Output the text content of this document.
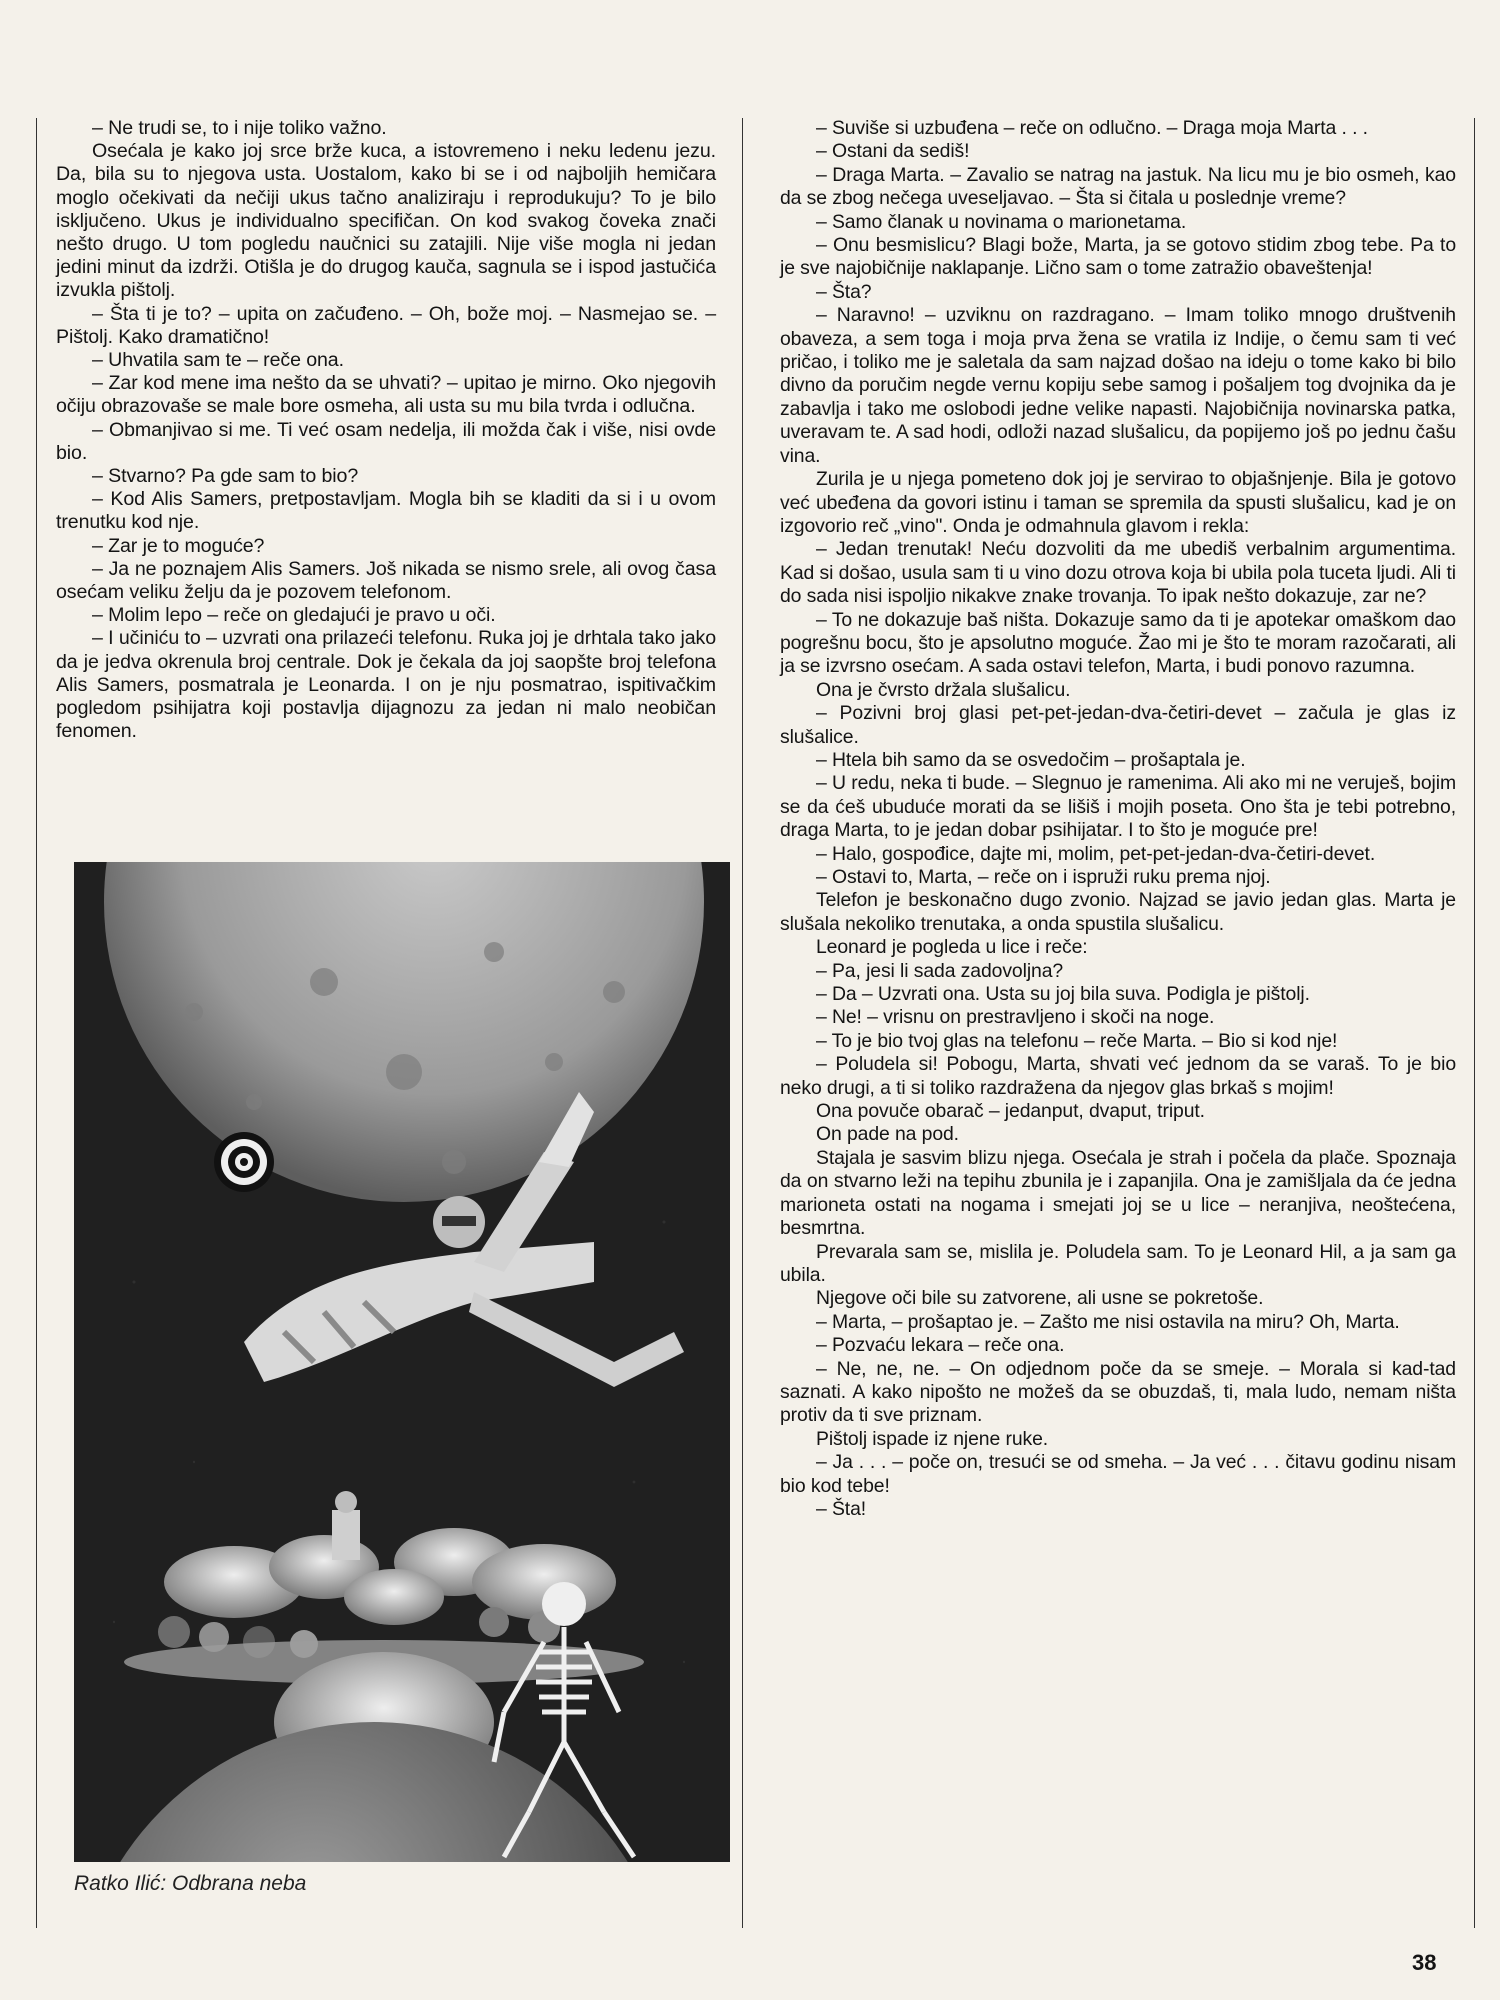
– Ne trudi se, to i nije toliko važno.

Osećala je kako joj srce brže kuca, a istovremeno i neku ledenu jezu. Da, bila su to njegova usta. Uostalom, kako bi se i od najboljih hemičara moglo očekivati da nečiji ukus tačno analiziraju i reprodukuju? To je bilo isključeno. Ukus je individualno specifičan. On kod svakog čoveka znači nešto drugo. U tom pogledu naučnici su zatajili. Nije više mogla ni jedan jedini minut da izdrži. Otišla je do drugog kauča, sagnula se i ispod jastučića izvukla pištolj.

– Šta ti je to? – upita on začuđeno. – Oh, bože moj. – Nasmejao se. – Pištolj. Kako dramatično!

– Uhvatila sam te – reče ona.

– Zar kod mene ima nešto da se uhvati? – upitao je mirno. Oko njegovih očiju obrazovaše se male bore osmeha, ali usta su mu bila tvrda i odlučna.

– Obmanjivao si me. Ti već osam nedelja, ili možda čak i više, nisi ovde bio.

– Stvarno? Pa gde sam to bio?

– Kod Alis Samers, pretpostavljam. Mogla bih se kladiti da si i u ovom trenutku kod nje.

– Zar je to moguće?

– Ja ne poznajem Alis Samers. Još nikada se nismo srele, ali ovog časa osećam veliku želju da je pozovem telefonom.

– Molim lepo – reče on gledajući je pravo u oči.

– I učiniću to – uzvrati ona prilazeći telefonu. Ruka joj je drhtala tako jako da je jedva okrenula broj centrale. Dok je čekala da joj saopšte broj telefona Alis Samers, posmatrala je Leonarda. I on je nju posmatrao, ispitivačkim pogledom psihijatra koji postavlja dijagnozu za jedan ni malo neobičan fenomen.

Ratko Ilić: Odbrana neba

– Suviše si uzbuđena – reče on odlučno. – Draga moja Marta . . .

– Ostani da sediš!

– Draga Marta. – Zavalio se natrag na jastuk. Na licu mu je bio osmeh, kao da se zbog nečega uveseljavao. – Šta si čitala u poslednje vreme?

– Samo članak u novinama o marionetama.

– Onu besmislicu? Blagi bože, Marta, ja se gotovo stidim zbog tebe. Pa to je sve najobičnije naklapanje. Lično sam o tome zatražio obaveštenja!

– Šta?

– Naravno! – uzviknu on razdragano. – Imam toliko mnogo društvenih obaveza, a sem toga i moja prva žena se vratila iz Indije, o čemu sam ti već pričao, i toliko me je saletala da sam najzad došao na ideju o tome kako bi bilo divno da poručim negde vernu kopiju sebe samog i pošaljem tog dvojnika da je zabavlja i tako me oslobodi jedne velike napasti. Najobičnija novinarska patka, uveravam te. A sad hodi, odloži nazad slušalicu, da popijemo još po jednu čašu vina.

Zurila je u njega pometeno dok joj je servirao to objašnjenje. Bila je gotovo već ubeđena da govori istinu i taman se spremila da spusti slušalicu, kad je on izgovorio reč „vino". Onda je odmahnula glavom i rekla:

– Jedan trenutak! Neću dozvoliti da me ubediš verbalnim argumentima. Kad si došao, usula sam ti u vino dozu otrova koja bi ubila pola tuceta ljudi. Ali ti do sada nisi ispoljio nikakve znake trovanja. To ipak nešto dokazuje, zar ne?

– To ne dokazuje baš ništa. Dokazuje samo da ti je apotekar omaškom dao pogrešnu bocu, što je apsolutno moguće. Žao mi je što te moram razočarati, ali ja se izvrsno osećam. A sada ostavi telefon, Marta, i budi ponovo razumna.

Ona je čvrsto držala slušalicu.

– Pozivni broj glasi pet-pet-jedan-dva-četiri-devet – začula je glas iz slušalice.

– Htela bih samo da se osvedočim – prošaptala je.

– U redu, neka ti bude. – Slegnuo je ramenima. Ali ako mi ne veruješ, bojim se da ćeš ubuduće morati da se lišiš i mojih poseta. Ono šta je tebi potrebno, draga Marta, to je jedan dobar psihijatar. I to što je moguće pre!

– Halo, gospođice, dajte mi, molim, pet-pet-jedan-dva-četiri-devet.

– Ostavi to, Marta, – reče on i ispruži ruku prema njoj.

Telefon je beskonačno dugo zvonio. Najzad se javio jedan glas. Marta je slušala nekoliko trenutaka, a onda spustila slušalicu.

Leonard je pogleda u lice i reče:

– Pa, jesi li sada zadovoljna?

– Da – Uzvrati ona. Usta su joj bila suva. Podigla je pištolj.

– Ne! – vrisnu on prestravljeno i skoči na noge.

– To je bio tvoj glas na telefonu – reče Marta. – Bio si kod nje!

– Poludela si! Pobogu, Marta, shvati već jednom da se varaš. To je bio neko drugi, a ti si toliko razdražena da njegov glas brkaš s mojim!

Ona povuče obarač – jedanput, dvaput, triput.

On pade na pod.

Stajala je sasvim blizu njega. Osećala je strah i počela da plače. Spoznaja da on stvarno leži na tepihu zbunila je i zapanjila. Ona je zamišljala da će jedna marioneta ostati na nogama i smejati joj se u lice – neranjiva, neoštećena, besmrtna.

Prevarala sam se, mislila je. Poludela sam. To je Leonard Hil, a ja sam ga ubila.

Njegove oči bile su zatvorene, ali usne se pokretoše.

– Marta, – prošaptao je. – Zašto me nisi ostavila na miru? Oh, Marta.

– Pozvaću lekara – reče ona.

– Ne, ne, ne. – On odjednom poče da se smeje. – Morala si kad-tad saznati. A kako nipošto ne možeš da se obuzdaš, ti, mala ludo, nemam ništa protiv da ti sve priznam.

Pištolj ispade iz njene ruke.

– Ja . . . – poče on, tresući se od smeha. – Ja već . . . čitavu godinu nisam bio kod tebe!

– Šta!

38
